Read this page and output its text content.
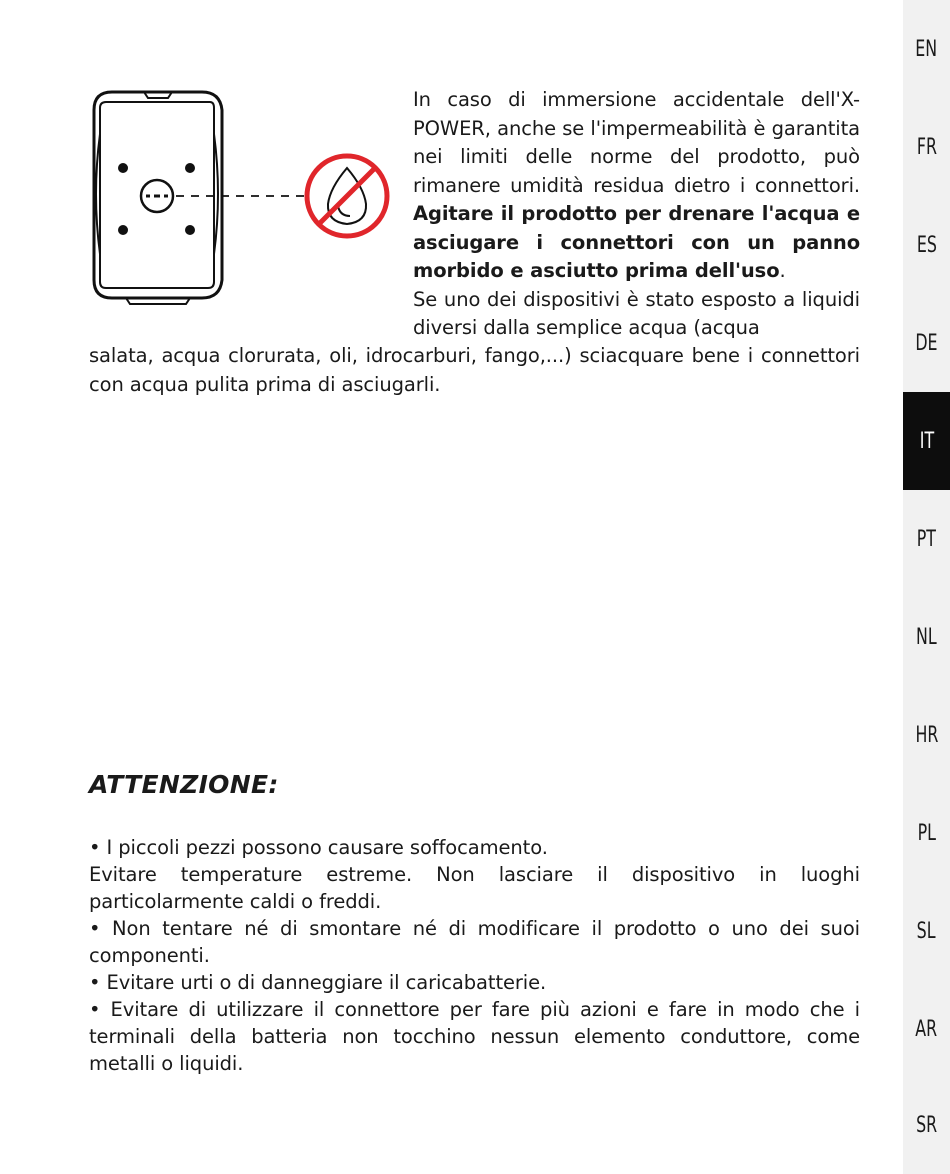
In caso di immersione accidentale dell'X-POWER, anche se l'impermeabilità è garantita nei limiti delle norme del prodotto, può rimanere umidità residua dietro i connettori. Agitare il prodotto per drenare l'acqua e asciugare i connettori con un panno morbido e asciutto prima dell'uso.
Se uno dei dispositivi è stato esposto a liquidi diversi dalla semplice acqua (acqua

salata, acqua clorurata, oli, idrocarburi, fango,...) sciacquare bene i connettori con acqua pulita prima di asciugarli.

ATTENZIONE:
• I piccoli pezzi possono causare soffocamento.
Evitare temperature estreme. Non lasciare il dispositivo in luoghi particolarmente caldi o freddi.
• Non tentare né di smontare né di modificare il prodotto o uno dei suoi componenti.
• Evitare urti o di danneggiare il caricabatterie.
• Evitare di utilizzare il connettore per fare più azioni e fare in modo che i terminali della batteria non tocchino nessun elemento conduttore, come metalli o liquidi.
EN
FR
ES
DE
IT
PT
NL
HR
PL
SL
AR
SR
